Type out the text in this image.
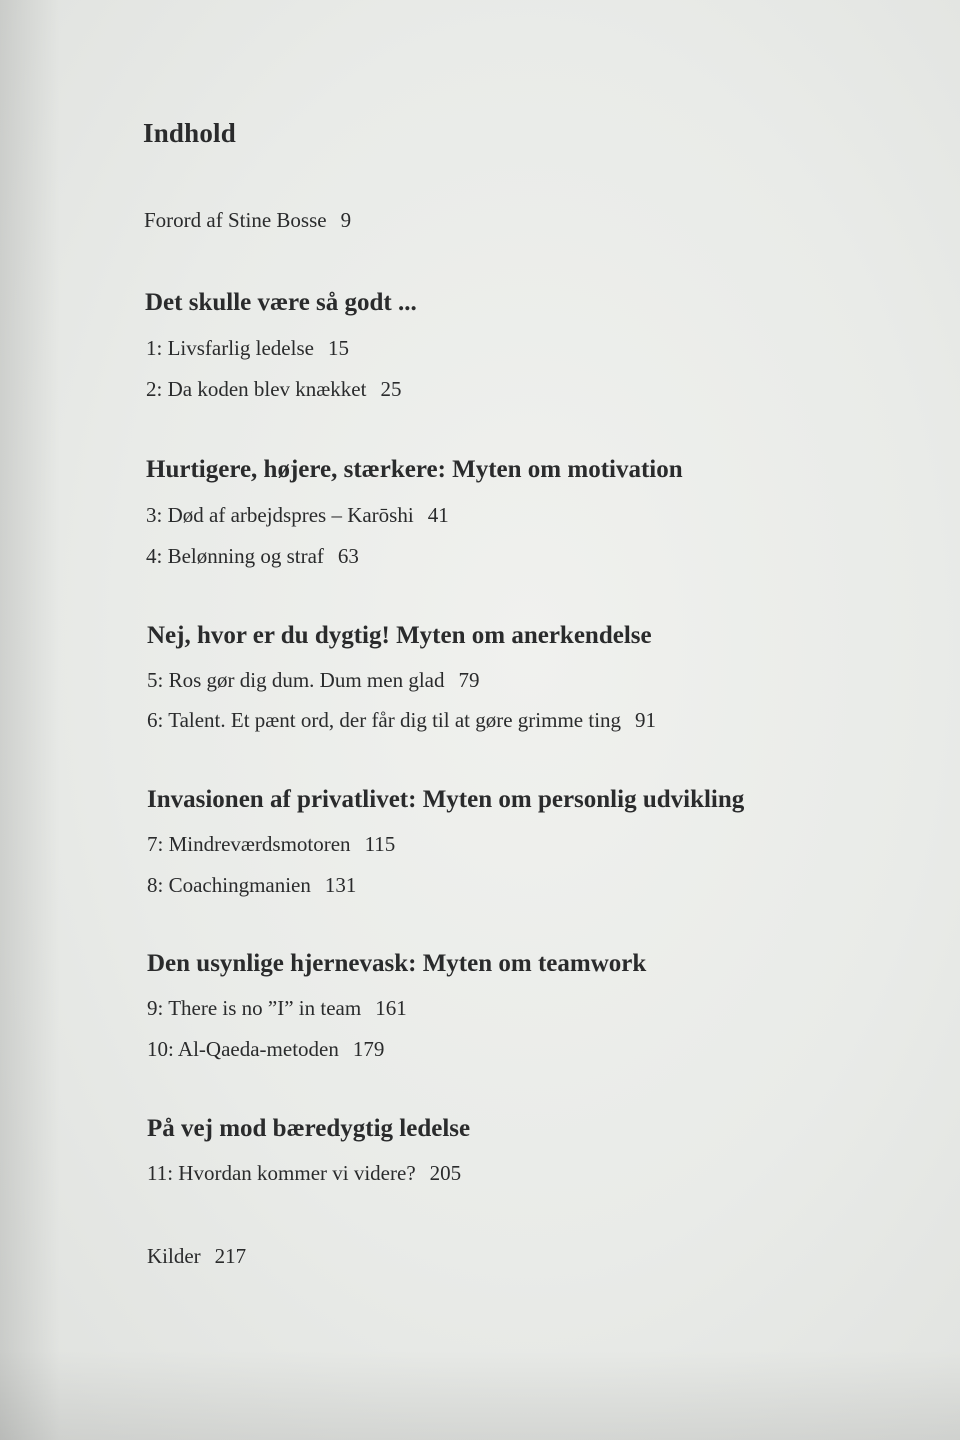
Indhold

Forord af Stine Bosse 9

Det skulle være så godt ...

1: Livsfarlig ledelse 15

2: Da koden blev knækket 25

Hurtigere, højere, stærkere: Myten om motivation

3: Død af arbejdspres – Karōshi 41

4: Belønning og straf 63

Nej, hvor er du dygtig! Myten om anerkendelse

5: Ros gør dig dum. Dum men glad 79

6: Talent. Et pænt ord, der får dig til at gøre grimme ting 91

Invasionen af privatlivet: Myten om personlig udvikling

7: Mindreværdsmotoren 115

8: Coachingmanien 131

Den usynlige hjernevask: Myten om teamwork

9: There is no ”I” in team 161

10: Al-Qaeda-metoden 179

På vej mod bæredygtig ledelse

11: Hvordan kommer vi videre? 205

Kilder 217
